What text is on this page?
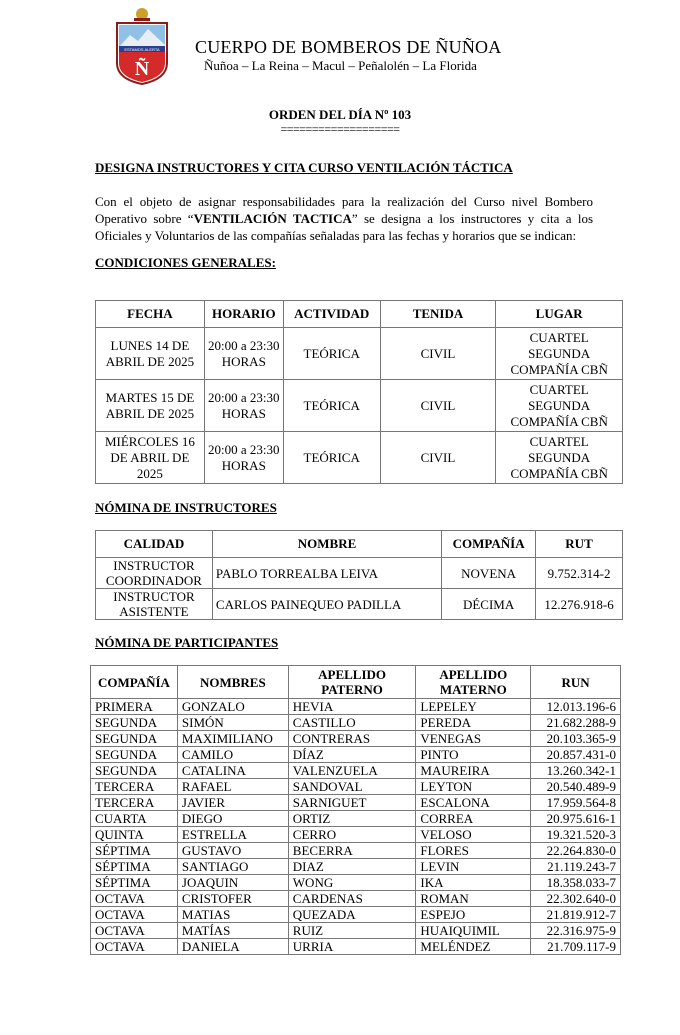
ESTAMOS ALERTA
Ñ
CUERPO DE BOMBEROS DE ÑUÑOA
Ñuñoa – La Reina – Macul – Peñalolén – La Florida
ORDEN DEL DÍA Nº 103
===================
DESIGNA INSTRUCTORES Y CITA CURSO VENTILACIÓN TÁCTICA
Con el objeto de asignar responsabilidades para la realización del Curso nivel Bombero Operativo sobre “VENTILACIÓN TACTICA” se designa a los instructores y cita a los Oficiales y Voluntarios de las compañías señaladas para las fechas y horarios que se indican:
CONDICIONES GENERALES:
FECHA	HORARIO	ACTIVIDAD	TENIDA	LUGAR
LUNES 14 DE ABRIL DE 2025	20:00 a 23:30 HORAS	TEÓRICA	CIVIL	CUARTEL SEGUNDA COMPAÑÍA CBÑ
MARTES 15 DE ABRIL DE 2025	20:00 a 23:30 HORAS	TEÓRICA	CIVIL	CUARTEL SEGUNDA COMPAÑÍA CBÑ
MIÉRCOLES 16 DE ABRIL DE 2025	20:00 a 23:30 HORAS	TEÓRICA	CIVIL	CUARTEL SEGUNDA COMPAÑÍA CBÑ
NÓMINA DE INSTRUCTORES
CALIDAD	NOMBRE	COMPAÑÍA	RUT
INSTRUCTOR COORDINADOR	PABLO TORREALBA LEIVA	NOVENA	9.752.314-2
INSTRUCTOR ASISTENTE	CARLOS PAINEQUEO PADILLA	DÉCIMA	12.276.918-6
NÓMINA DE PARTICIPANTES
COMPAÑÍA	NOMBRES	APELLIDO PATERNO	APELLIDO MATERNO	RUN
PRIMERA	GONZALO	HEVIA	LEPELEY	12.013.196-6
SEGUNDA	SIMÓN	CASTILLO	PEREDA	21.682.288-9
SEGUNDA	MAXIMILIANO	CONTRERAS	VENEGAS	20.103.365-9
SEGUNDA	CAMILO	DÍAZ	PINTO	20.857.431-0
SEGUNDA	CATALINA	VALENZUELA	MAUREIRA	13.260.342-1
TERCERA	RAFAEL	SANDOVAL	LEYTON	20.540.489-9
TERCERA	JAVIER	SARNIGUET	ESCALONA	17.959.564-8
CUARTA	DIEGO	ORTIZ	CORREA	20.975.616-1
QUINTA	ESTRELLA	CERRO	VELOSO	19.321.520-3
SÉPTIMA	GUSTAVO	BECERRA	FLORES	22.264.830-0
SÉPTIMA	SANTIAGO	DIAZ	LEVIN	21.119.243-7
SÉPTIMA	JOAQUIN	WONG	IKA	18.358.033-7
OCTAVA	CRISTOFER	CARDENAS	ROMAN	22.302.640-0
OCTAVA	MATIAS	QUEZADA	ESPEJO	21.819.912-7
OCTAVA	MATÍAS	RUIZ	HUAIQUIMIL	22.316.975-9
OCTAVA	DANIELA	URRIA	MELÉNDEZ	21.709.117-9
